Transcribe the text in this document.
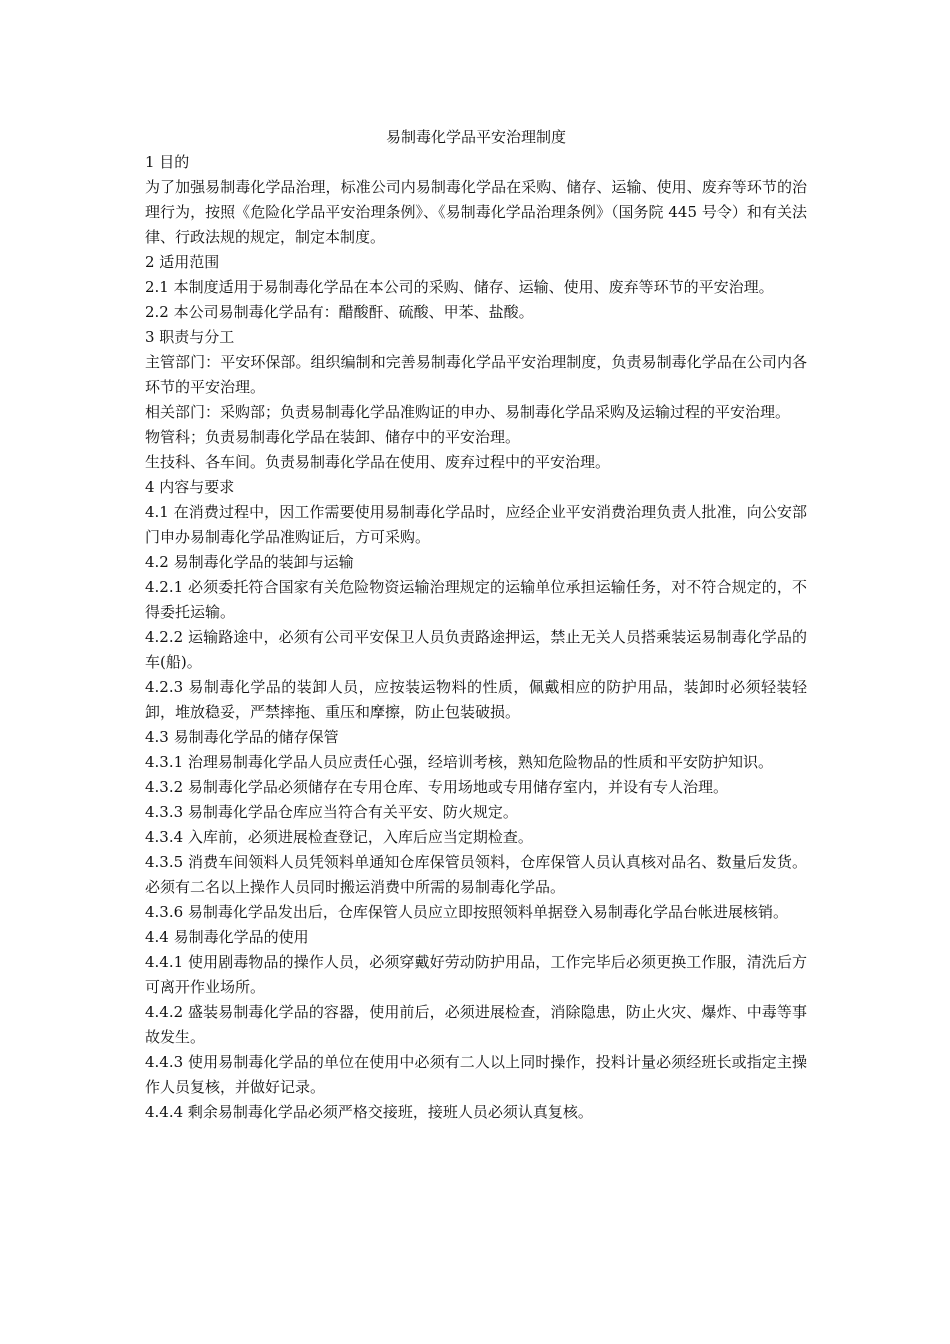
易制毒化学品平安治理制度

1 目的

为了加强易制毒化学品治理，标准公司内易制毒化学品在采购、储存、运输、使用、废弃等环节的治理行为，按照《危险化学品平安治理条例》、《易制毒化学品治理条例》（国务院 445 号令）和有关法律、行政法规的规定，制定本制度。

2 适用范围

2.1 本制度适用于易制毒化学品在本公司的采购、储存、运输、使用、废弃等环节的平安治理。

2.2 本公司易制毒化学品有：醋酸酐、硫酸、甲苯、盐酸。

3 职责与分工

主管部门：平安环保部。组织编制和完善易制毒化学品平安治理制度，负责易制毒化学品在公司内各环节的平安治理。

相关部门：采购部；负责易制毒化学品准购证的申办、易制毒化学品采购及运输过程的平安治理。

物管科；负责易制毒化学品在装卸、储存中的平安治理。

生技科、各车间。负责易制毒化学品在使用、废弃过程中的平安治理。

4 内容与要求

4.1 在消费过程中，因工作需要使用易制毒化学品时，应经企业平安消费治理负责人批准，向公安部门申办易制毒化学品准购证后，方可采购。

4.2 易制毒化学品的装卸与运输

4.2.1 必须委托符合国家有关危险物资运输治理规定的运输单位承担运输任务，对不符合规定的，不得委托运输。

4.2.2 运输路途中，必须有公司平安保卫人员负责路途押运，禁止无关人员搭乘装运易制毒化学品的车(船)。

4.2.3 易制毒化学品的装卸人员，应按装运物料的性质，佩戴相应的防护用品，装卸时必须轻装轻卸，堆放稳妥，严禁摔拖、重压和摩擦，防止包装破损。

4.3 易制毒化学品的储存保管

4.3.1 治理易制毒化学品人员应责任心强，经培训考核，熟知危险物品的性质和平安防护知识。

4.3.2 易制毒化学品必须储存在专用仓库、专用场地或专用储存室内，并设有专人治理。

4.3.3 易制毒化学品仓库应当符合有关平安、防火规定。

4.3.4 入库前，必须进展检查登记，入库后应当定期检查。

4.3.5 消费车间领料人员凭领料单通知仓库保管员领料，仓库保管人员认真核对品名、数量后发货。必须有二名以上操作人员同时搬运消费中所需的易制毒化学品。

4.3.6 易制毒化学品发出后，仓库保管人员应立即按照领料单据登入易制毒化学品台帐进展核销。

4.4 易制毒化学品的使用

4.4.1 使用剧毒物品的操作人员，必须穿戴好劳动防护用品，工作完毕后必须更换工作服，清洗后方可离开作业场所。

4.4.2 盛装易制毒化学品的容器，使用前后，必须进展检查，消除隐患，防止火灾、爆炸、中毒等事故发生。

4.4.3 使用易制毒化学品的单位在使用中必须有二人以上同时操作，投料计量必须经班长或指定主操作人员复核，并做好记录。

4.4.4 剩余易制毒化学品必须严格交接班，接班人员必须认真复核。
